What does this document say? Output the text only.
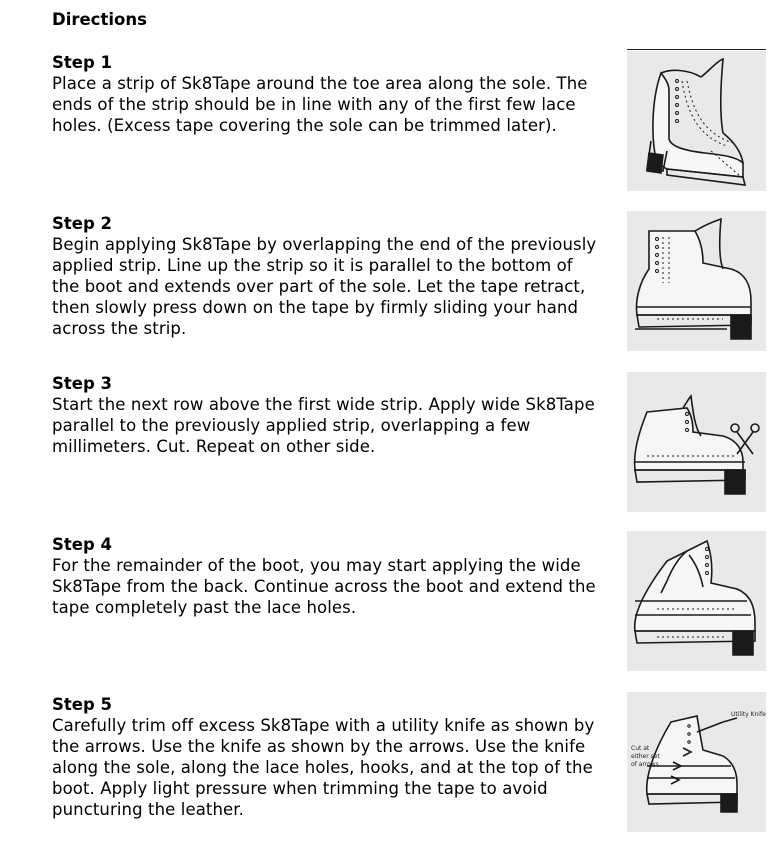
Directions

Step 1

Place a strip of Sk8Tape around the toe area along the sole. The
ends of the strip should be in line with any of the first few lace
holes. (Excess tape covering the sole can be trimmed later).

Step 2

Begin applying Sk8Tape by overlapping the end of the previously
applied strip. Line up the strip so it is parallel to the bottom of
the boot and extends over part of the sole. Let the tape retract,
then slowly press down on the tape by firmly sliding your hand
across the strip.

Step 3

Start the next row above the first wide strip. Apply wide Sk8Tape
parallel to the previously applied strip, overlapping a few
millimeters. Cut. Repeat on other side.

Step 4

For the remainder of the boot, you may start applying the wide
Sk8Tape from the back. Continue across the boot and extend the
tape completely past the lace holes.

Step 5

Carefully trim off excess Sk8Tape with a utility knife as shown by
the arrows. Use the knife as shown by the arrows. Use the knife
along the sole, along the lace holes, hooks, and at the top of the
boot. Apply light pressure when trimming the tape to avoid
puncturing the leather.

Cut at
either set
of arrows
Utility Knife
